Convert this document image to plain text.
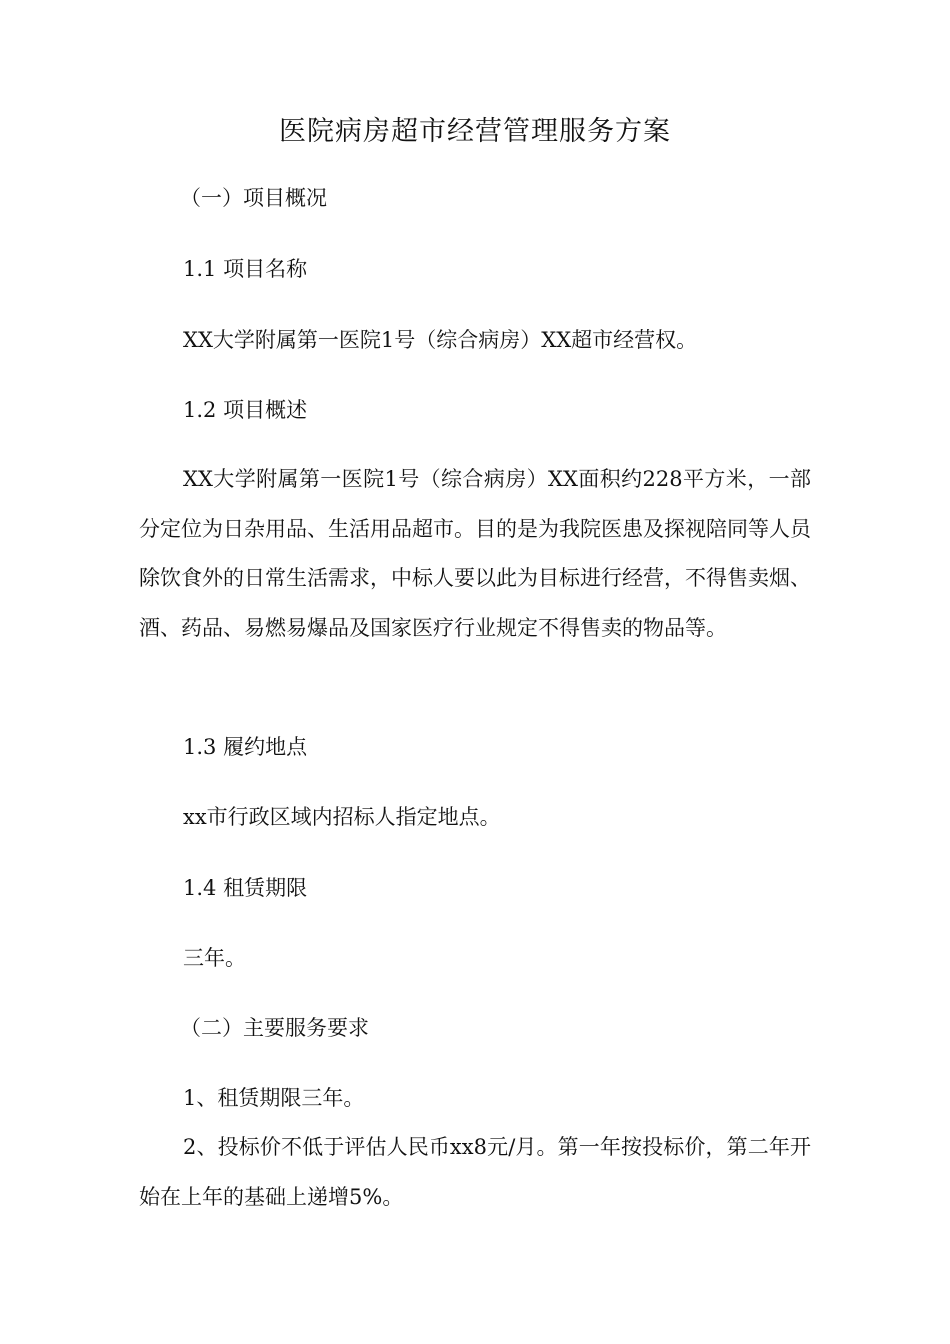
医院病房超市经营管理服务方案

（一）项目概况

1.1 项目名称

XX大学附属第一医院1号（综合病房）XX超市经营权。

1.2 项目概述

XX大学附属第一医院1号（综合病房）XX面积约228平方米，一部分定位为日杂用品、生活用品超市。目的是为我院医患及探视陪同等人员除饮食外的日常生活需求，中标人要以此为目标进行经营，不得售卖烟、酒、药品、易燃易爆品及国家医疗行业规定不得售卖的物品等。

1.3 履约地点

xx市行政区域内招标人指定地点。

1.4 租赁期限

三年。

（二）主要服务要求

1、租赁期限三年。

2、投标价不低于评估人民币xx8元/月。第一年按投标价，第二年开始在上年的基础上递增5%。
